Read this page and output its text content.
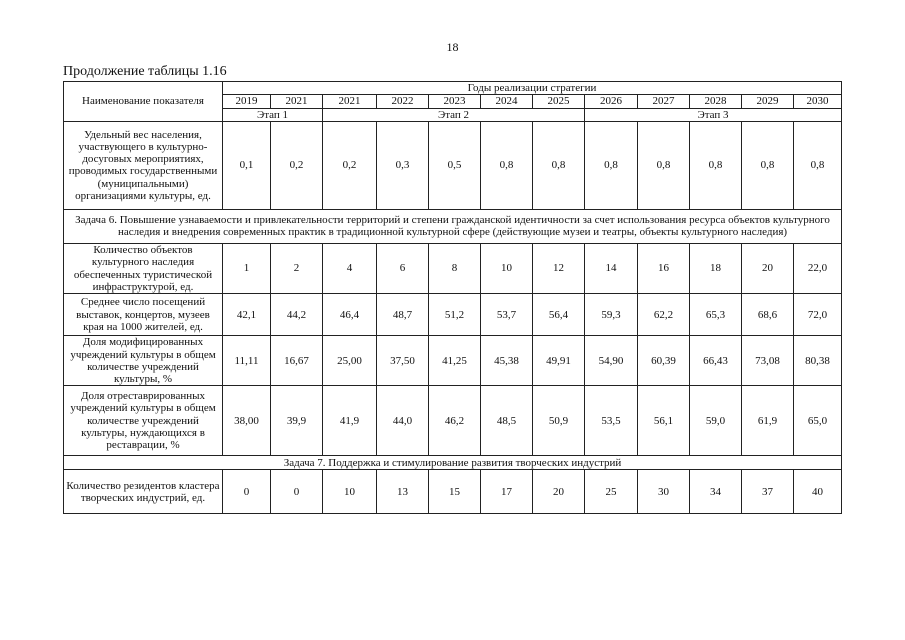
18
Продолжение таблицы 1.16
Наименование показателя	Годы реализации стратегии											
	2019	2021	2021	2022	2023	2024	2025	2026	2027	2028	2029	2030
	Этап 1		Этап 2					Этап 3				
Удельный вес населения, участвующего в культурно-досуговых мероприятиях, проводимых государственными (муниципальными) организациями культуры, ед.	0,1	0,2	0,2	0,3	0,5	0,8	0,8	0,8	0,8	0,8	0,8	0,8
Задача 6. Повышение узнаваемости и привлекательности территорий и степени гражданской идентичности за счет использования ресурса объектов культурного наследия и внедрения современных практик в традиционной культурной сфере (действующие музеи и театры, объекты культурного наследия)												
Количество объектов культурного наследия обеспеченных туристической инфраструктурой, ед.	1	2	4	6	8	10	12	14	16	18	20	22,0
Среднее число посещений выставок, концертов, музеев края на 1000 жителей, ед.	42,1	44,2	46,4	48,7	51,2	53,7	56,4	59,3	62,2	65,3	68,6	72,0
Доля модифицированных учреждений культуры в общем количестве учреждений культуры, %	11,11	16,67	25,00	37,50	41,25	45,38	49,91	54,90	60,39	66,43	73,08	80,38
Доля отреставрированных учреждений культуры в общем количестве учреждений культуры, нуждающихся в реставрации, %	38,00	39,9	41,9	44,0	46,2	48,5	50,9	53,5	56,1	59,0	61,9	65,0
Задача 7. Поддержка и стимулирование развития творческих индустрий												
Количество резидентов кластера творческих индустрий, ед.	0	0	10	13	15	17	20	25	30	34	37	40
